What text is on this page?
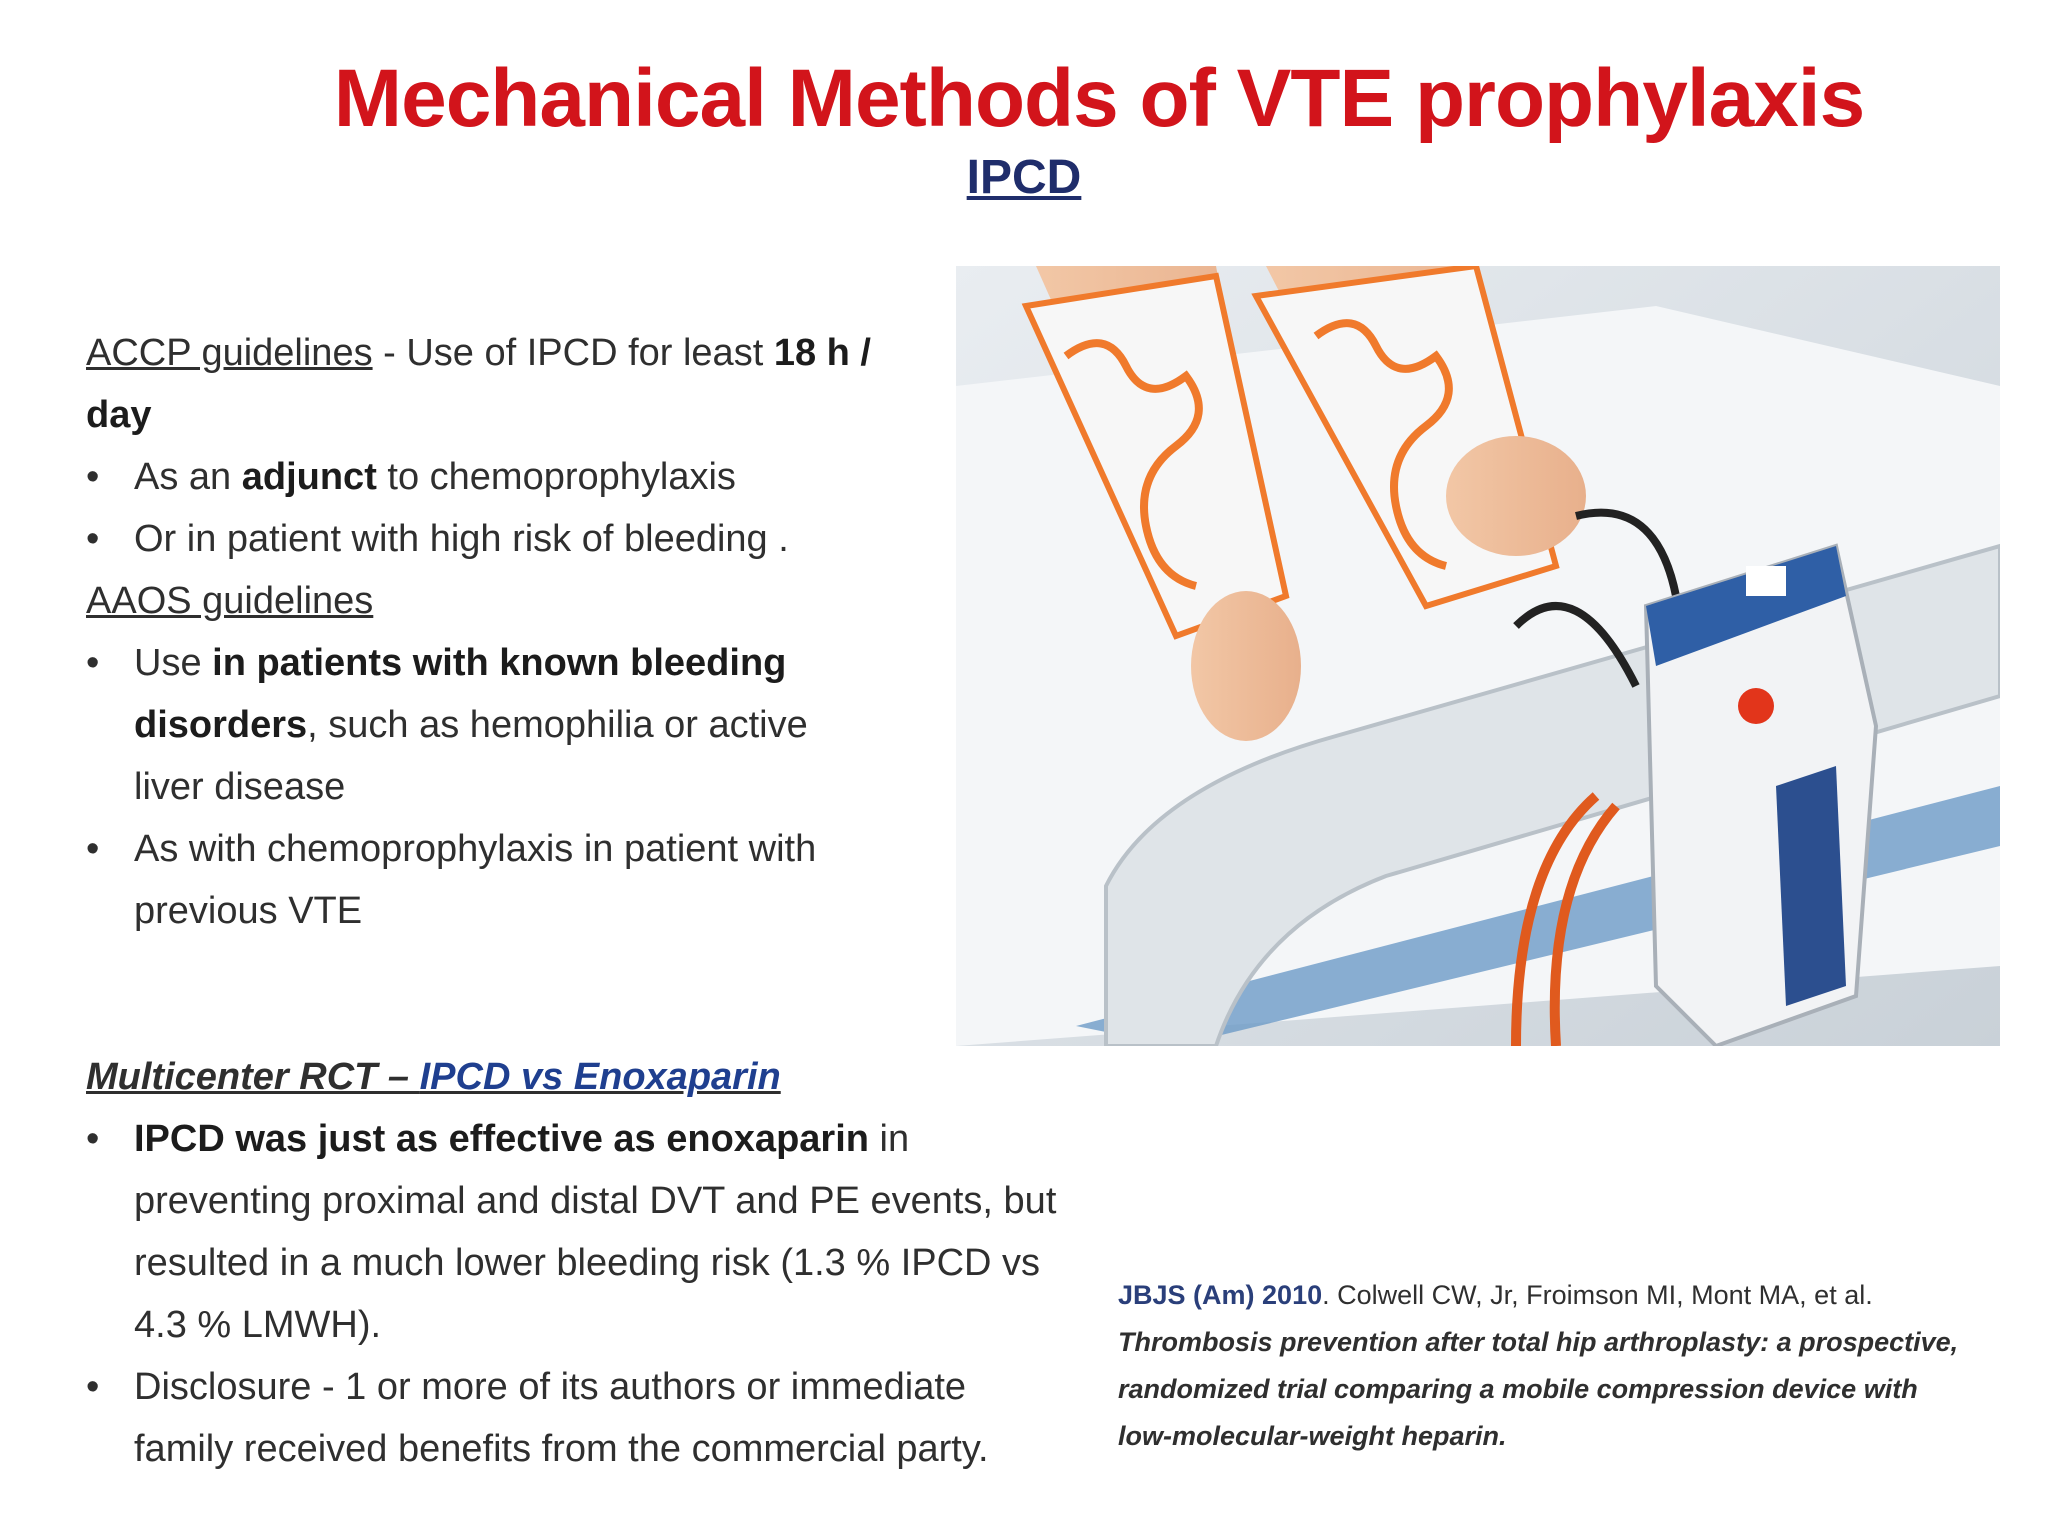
Mechanical Methods of VTE prophylaxis
IPCD
ACCP guidelines - Use of IPCD for least 18 h / day
• As an adjunct to chemoprophylaxis
• Or in patient with high risk of bleeding .
AAOS guidelines
• Use in patients with known bleeding disorders, such as hemophilia or active liver disease
• As with chemoprophylaxis in patient with previous VTE
Multicenter RCT – IPCD vs Enoxaparin
• IPCD was just as effective as enoxaparin in preventing proximal and distal DVT and PE events, but resulted in a much lower bleeding risk (1.3 % IPCD vs 4.3 % LMWH).
• Disclosure - 1 or more of its authors or immediate family received benefits from the commercial party.
JBJS (Am) 2010. Colwell CW, Jr, Froimson MI, Mont MA, et al.
Thrombosis prevention after total hip arthroplasty: a prospective, randomized trial comparing a mobile compression device with low-molecular-weight heparin.
